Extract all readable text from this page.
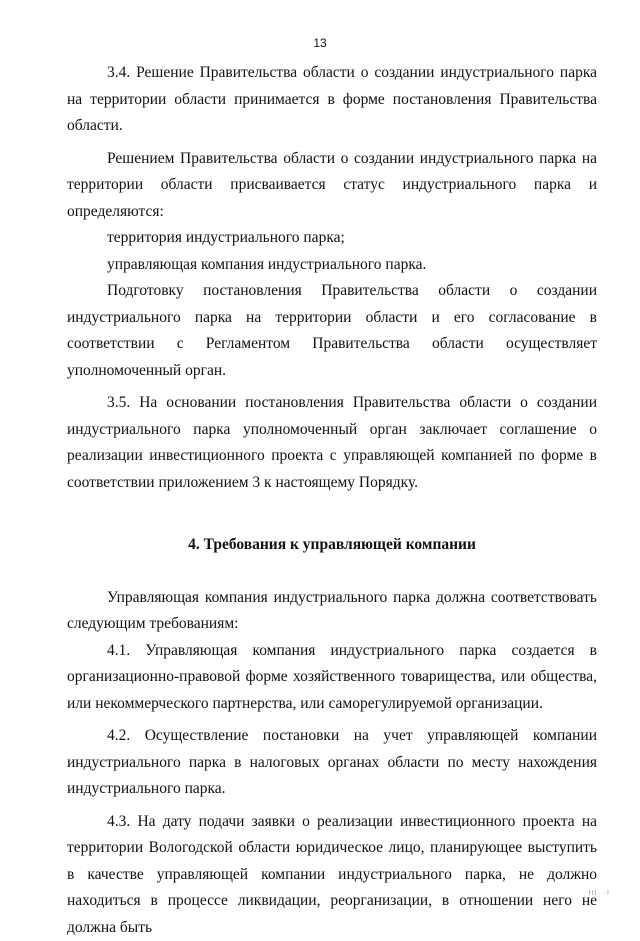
13

3.4. Решение Правительства области о создании индустриального парка на территории области принимается в форме постановления Правительства области.

Решением Правительства области о создании индустриального парка на территории области присваивается статус индустриального парка и определяются:

территория индустриального парка;

управляющая компания индустриального парка.

Подготовку постановления Правительства области о создании индустриального парка на территории области и его согласование в соответствии с Регламентом Правительства области осуществляет уполномоченный орган.

3.5. На основании постановления Правительства области о создании индустриального парка уполномоченный орган заключает соглашение о реализации инвестиционного проекта с управляющей компанией по форме в соответствии приложением 3 к настоящему Порядку.

4. Требования к управляющей компании

Управляющая компания индустриального парка должна соответствовать следующим требованиям:

4.1. Управляющая компания индустриального парка создается в организационно-правовой форме хозяйственного товарищества, или общества, или некоммерческого партнерства, или саморегулируемой организации.

4.2. Осуществление постановки на учет управляющей компании индустриального парка в налоговых органах области по месту нахождения индустриального парка.

4.3. На дату подачи заявки о реализации инвестиционного проекта на территории Вологодской области юридическое лицо, планирующее выступить в качестве управляющей компании индустриального парка, не должно находиться в процессе ликвидации, реорганизации, в отношении него не должна быть

ІІІ· ·І
